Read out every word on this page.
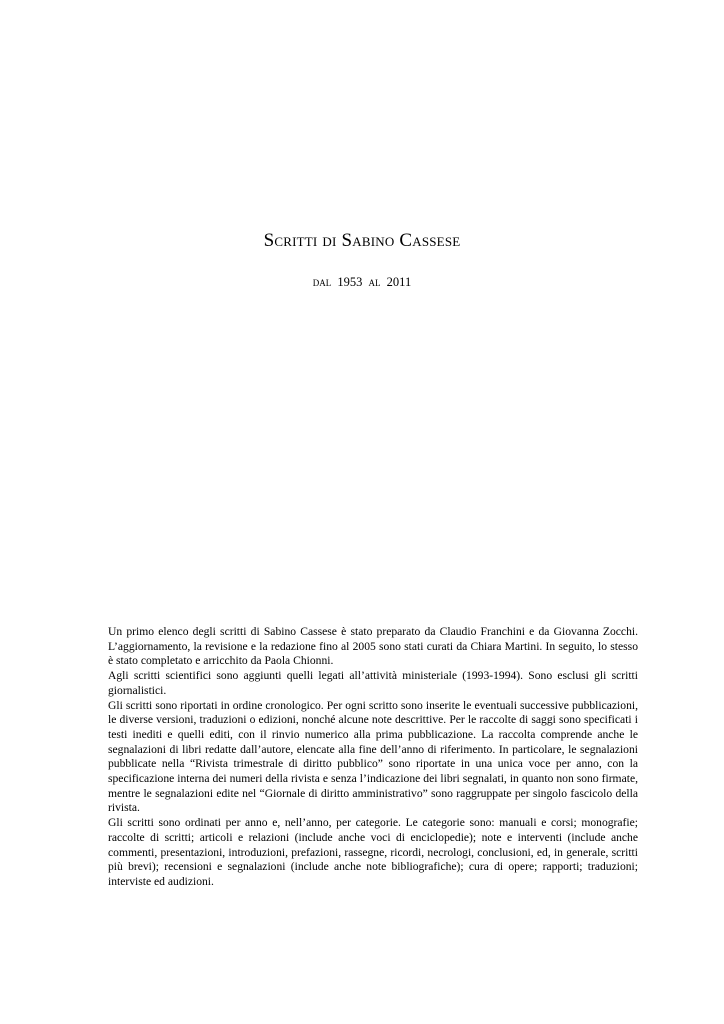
Scritti di Sabino Cassese
dal 1953 al 2011

Un primo elenco degli scritti di Sabino Cassese è stato preparato da Claudio Franchini e da Giovanna Zocchi. L’aggiornamento, la revisione e la redazione fino al 2005 sono stati curati da Chiara Martini. In seguito, lo stesso è stato completato e arricchito da Paola Chionni.

Agli scritti scientifici sono aggiunti quelli legati all’attività ministeriale (1993-1994). Sono esclusi gli scritti giornalistici.

Gli scritti sono riportati in ordine cronologico. Per ogni scritto sono inserite le eventuali successive pubblicazioni, le diverse versioni, traduzioni o edizioni, nonché alcune note descrittive. Per le raccolte di saggi sono specificati i testi inediti e quelli editi, con il rinvio numerico alla prima pubblicazione. La raccolta comprende anche le segnalazioni di libri redatte dall’autore, elencate alla fine dell’anno di riferimento. In particolare, le segnalazioni pubblicate nella “Rivista trimestrale di diritto pubblico” sono riportate in una unica voce per anno, con la specificazione interna dei numeri della rivista e senza l’indicazione dei libri segnalati, in quanto non sono firmate, mentre le segnalazioni edite nel “Giornale di diritto amministrativo” sono raggruppate per singolo fascicolo della rivista.

Gli scritti sono ordinati per anno e, nell’anno, per categorie. Le categorie sono: manuali e corsi; monografie; raccolte di scritti; articoli e relazioni (include anche voci di enciclopedie); note e interventi (include anche commenti, presentazioni, introduzioni, prefazioni, rassegne, ricordi, necrologi, conclusioni, ed, in generale, scritti più brevi); recensioni e segnalazioni (include anche note bibliografiche); cura di opere; rapporti; traduzioni; interviste ed audizioni.
